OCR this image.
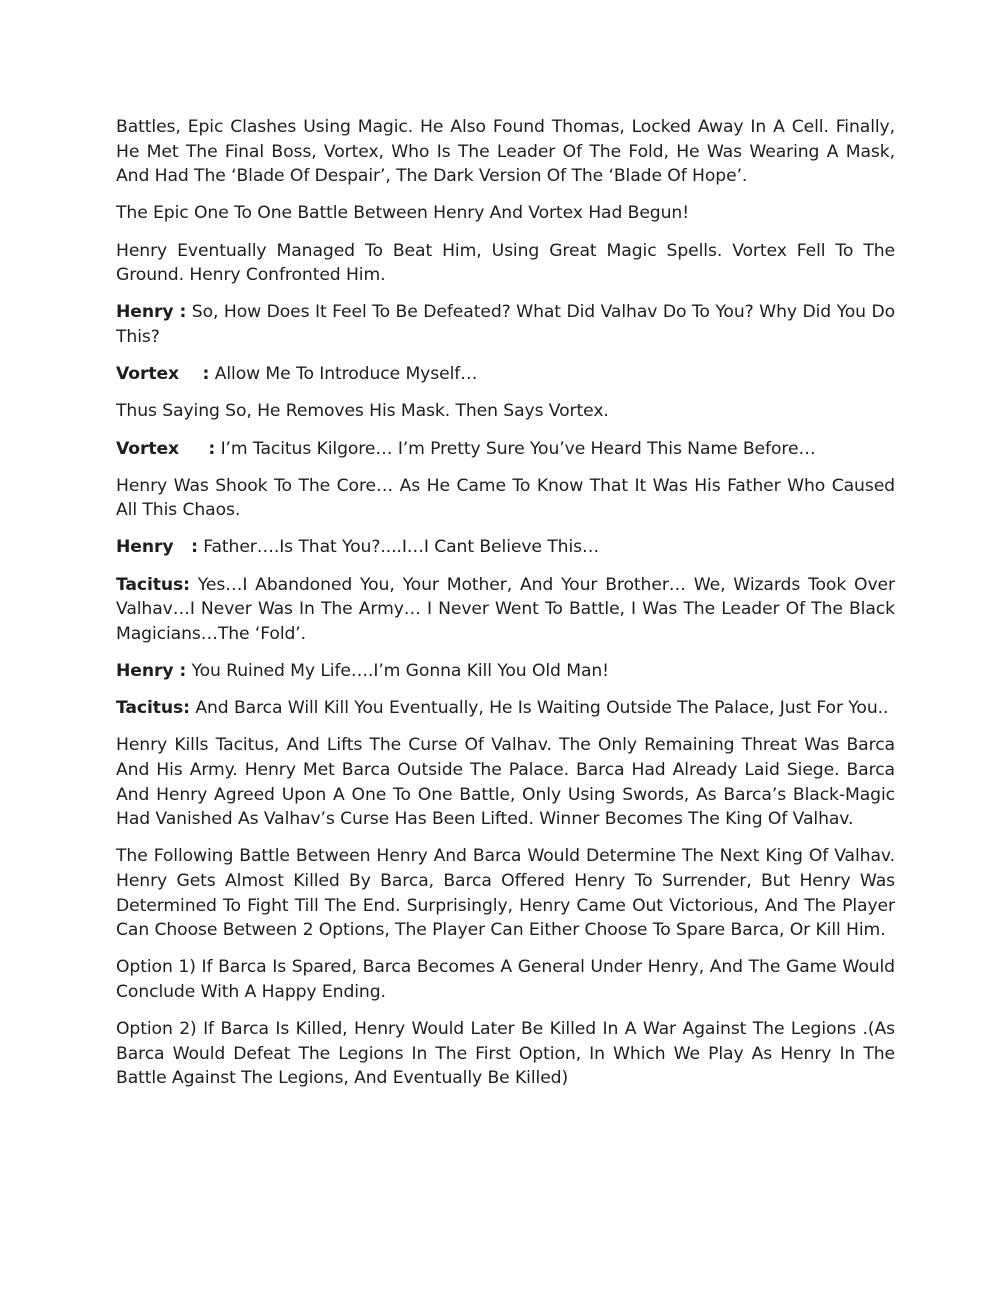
Battles, Epic Clashes Using Magic. He Also Found Thomas, Locked Away In A Cell. Finally, He Met The Final Boss, Vortex, Who Is The Leader Of The Fold, He Was Wearing A Mask, And Had The ‘Blade Of Despair’, The Dark Version Of The ‘Blade Of Hope’.

The Epic One To One Battle Between Henry And Vortex Had Begun!

Henry Eventually Managed To Beat Him, Using Great Magic Spells. Vortex Fell To The Ground. Henry Confronted Him.

Henry : So, How Does It Feel To Be Defeated? What Did Valhav Do To You? Why Did You Do This?

Vortex    : Allow Me To Introduce Myself…

Thus Saying So, He Removes His Mask. Then Says Vortex.

Vortex     : I’m Tacitus Kilgore… I’m Pretty Sure You’ve Heard This Name Before…

Henry Was Shook To The Core… As He Came To Know That It Was His Father Who Caused All This Chaos.

Henry   : Father….Is That You?....I…I Cant Believe This…

Tacitus: Yes…I Abandoned You, Your Mother, And Your Brother… We, Wizards Took Over Valhav…I Never Was In The Army… I Never Went To Battle, I Was The Leader Of The Black Magicians…The ‘Fold’.

Henry : You Ruined My Life….I’m Gonna Kill You Old Man!

Tacitus: And Barca Will Kill You Eventually, He Is Waiting Outside The Palace, Just For You..

Henry Kills Tacitus, And Lifts The Curse Of Valhav. The Only Remaining Threat Was Barca And His Army. Henry Met Barca Outside The Palace. Barca Had Already Laid Siege. Barca And Henry Agreed Upon A One To One Battle, Only Using Swords, As Barca’s Black-Magic Had Vanished As Valhav’s Curse Has Been Lifted. Winner Becomes The King Of Valhav.

The Following Battle Between Henry And Barca Would Determine The Next King Of Valhav. Henry Gets Almost Killed By Barca, Barca Offered Henry To Surrender, But Henry Was Determined To Fight Till The End. Surprisingly, Henry Came Out Victorious, And The Player Can Choose Between 2 Options, The Player Can Either Choose To Spare Barca, Or Kill Him.

Option 1) If Barca Is Spared, Barca Becomes A General Under Henry, And The Game Would Conclude With A Happy Ending.

Option 2) If Barca Is Killed, Henry Would Later Be Killed In A War Against The Legions .(As Barca Would Defeat The Legions In The First Option, In Which We Play As Henry In The Battle Against The Legions, And Eventually Be Killed)
